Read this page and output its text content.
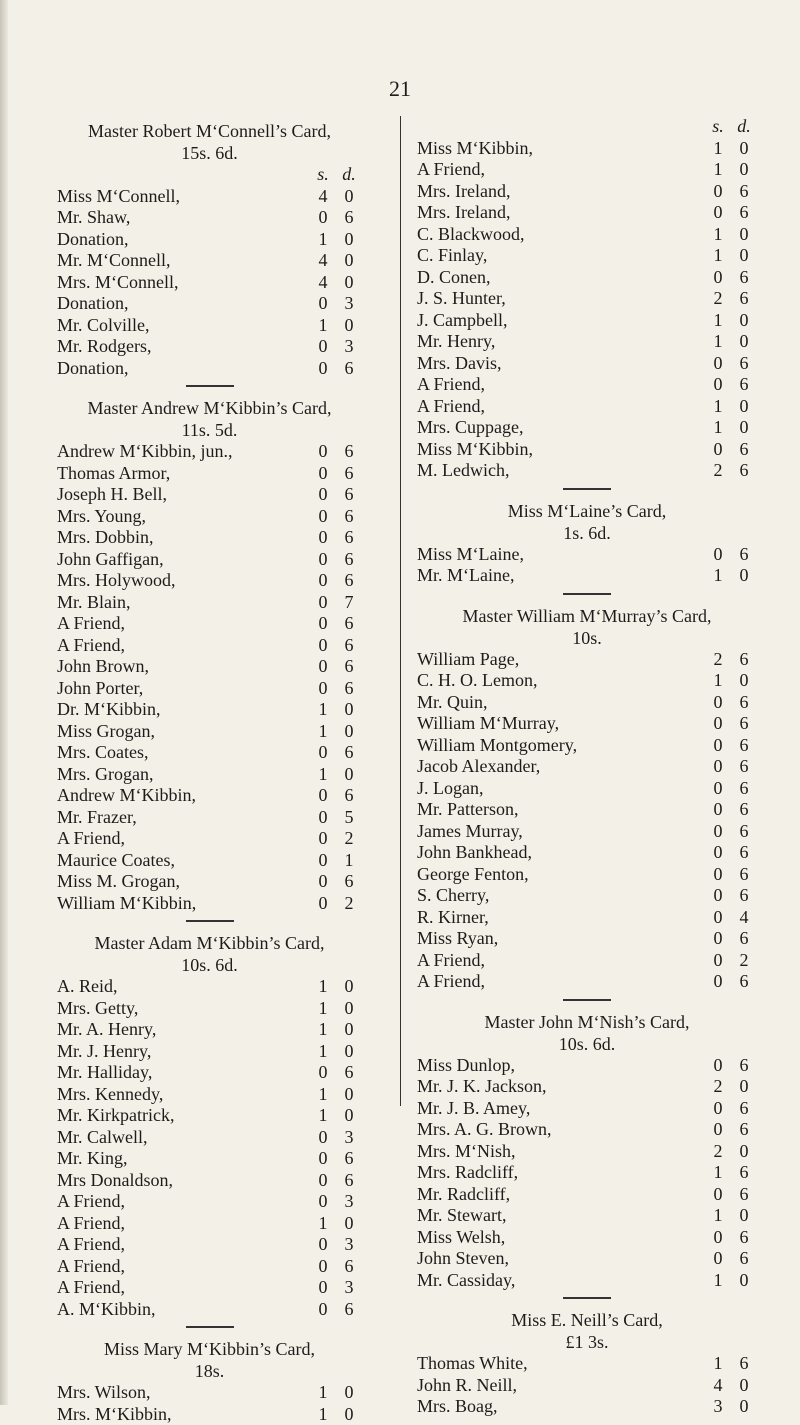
21
Master Robert M‘Connell’s Card,
15s. 6d.
s. d.
Miss M‘Connell,	4 0
Mr. Shaw,	0 6
Donation,	1 0
Mr. M‘Connell,	4 0
Mrs. M‘Connell,	4 0
Donation,	0 3
Mr. Colville,	1 0
Mr. Rodgers,	0 3
Donation,	0 6
Master Andrew M‘Kibbin’s Card,
11s. 5d.
Andrew M‘Kibbin, jun.,	0 6
Thomas Armor,	0 6
Joseph H. Bell,	0 6
Mrs. Young,	0 6
Mrs. Dobbin,	0 6
John Gaffigan,	0 6
Mrs. Holywood,	0 6
Mr. Blain,	0 7
A Friend,	0 6
A Friend,	0 6
John Brown,	0 6
John Porter,	0 6
Dr. M‘Kibbin,	1 0
Miss Grogan,	1 0
Mrs. Coates,	0 6
Mrs. Grogan,	1 0
Andrew M‘Kibbin,	0 6
Mr. Frazer,	0 5
A Friend,	0 2
Maurice Coates,	0 1
Miss M. Grogan,	0 6
William M‘Kibbin,	0 2
Master Adam M‘Kibbin’s Card,
10s. 6d.
A. Reid,	1 0
Mrs. Getty,	1 0
Mr. A. Henry,	1 0
Mr. J. Henry,	1 0
Mr. Halliday,	0 6
Mrs. Kennedy,	1 0
Mr. Kirkpatrick,	1 0
Mr. Calwell,	0 3
Mr. King,	0 6
Mrs Donaldson,	0 6
A Friend,	0 3
A Friend,	1 0
A Friend,	0 3
A Friend,	0 6
A Friend,	0 3
A. M‘Kibbin,	0 6
Miss Mary M‘Kibbin’s Card,
18s.
Mrs. Wilson,	1 0
Mrs. M‘Kibbin,	1 0
s. d.
Miss M‘Kibbin,	1 0
A Friend,	1 0
Mrs. Ireland,	0 6
Mrs. Ireland,	0 6
C. Blackwood,	1 0
C. Finlay,	1 0
D. Conen,	0 6
J. S. Hunter,	2 6
J. Campbell,	1 0
Mr. Henry,	1 0
Mrs. Davis,	0 6
A Friend,	0 6
A Friend,	1 0
Mrs. Cuppage,	1 0
Miss M‘Kibbin,	0 6
M. Ledwich,	2 6
Miss M‘Laine’s Card,
1s. 6d.
Miss M‘Laine,	0 6
Mr. M‘Laine,	1 0
Master William M‘Murray’s Card,
10s.
William Page,	2 6
C. H. O. Lemon,	1 0
Mr. Quin,	0 6
William M‘Murray,	0 6
William Montgomery,	0 6
Jacob Alexander,	0 6
J. Logan,	0 6
Mr. Patterson,	0 6
James Murray,	0 6
John Bankhead,	0 6
George Fenton,	0 6
S. Cherry,	0 6
R. Kirner,	0 4
Miss Ryan,	0 6
A Friend,	0 2
A Friend,	0 6
Master John M‘Nish’s Card,
10s. 6d.
Miss Dunlop,	0 6
Mr. J. K. Jackson,	2 0
Mr. J. B. Amey,	0 6
Mrs. A. G. Brown,	0 6
Mrs. M‘Nish,	2 0
Mrs. Radcliff,	1 6
Mr. Radcliff,	0 6
Mr. Stewart,	1 0
Miss Welsh,	0 6
John Steven,	0 6
Mr. Cassiday,	1 0
Miss E. Neill’s Card,
£1 3s.
Thomas White,	1 6
John R. Neill,	4 0
Mrs. Boag,	3 0
